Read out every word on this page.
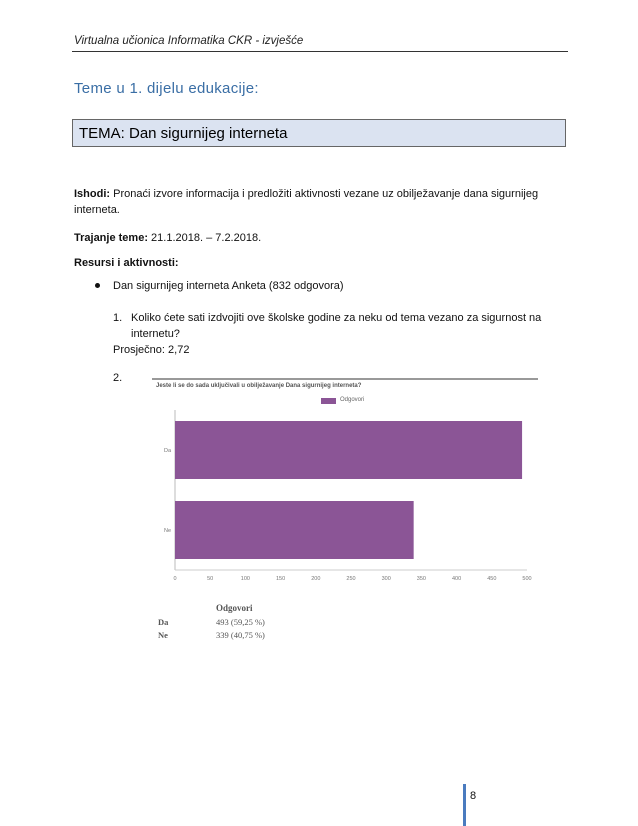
Virtualna učionica Informatika CKR - izvješće
Teme u 1. dijelu edukacije:
TEMA: Dan sigurnijeg interneta
Ishodi: Pronaći izvore informacija i predložiti aktivnosti vezane uz obilježavanje dana sigurnijeg
interneta.
Trajanje teme: 21.1.2018. – 7.2.2018.
Resursi i aktivnosti:
Dan sigurnijeg interneta Anketa (832 odgovora)
1. Koliko ćete sati izdvojiti ove školske godine za neku od tema vezano za sigurnost na
internetu?
Prosječno: 2,72
2.
Jeste li se do sada uključivali u obilježavanje Dana sigurnijeg interneta?
Odgovori
Da
Ne
0	50	100	150	200	250	300	350	400	450	500
Odgovori
Da	493 (59,25 %)
Ne	339 (40,75 %)
8
